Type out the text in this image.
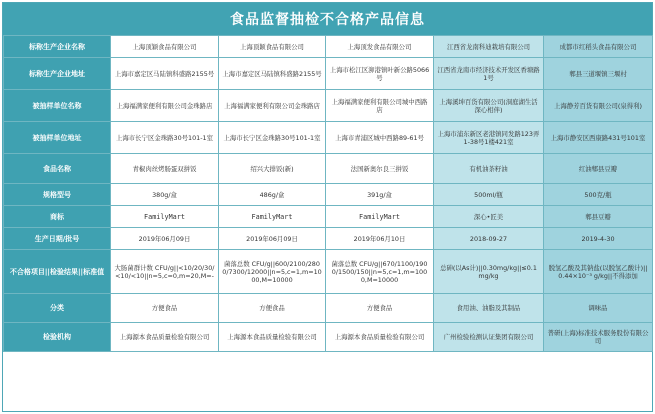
食品监督抽检不合格产品信息
标称生产企业名称	上海顶颖食品有限公司	上海顶颖食品有限公司	上海顶发食品有限公司	江西省龙南科迪栽培有限公司	成都市红稻头食品有限公司
标称生产企业地址	上海市嘉定区马陆镇科盛路2155号	上海市嘉定区马陆镇科盛路2155号	上海市松江区泖港镇叶新公路5066号	江西省龙南市经济技术开发区香塘路1号	郫县三道堰镇三堰村
被抽样单位名称	上海福满家便利有限公司金珠路店	上海福满家便利有限公司金珠路店	上海福满家便利有限公司城中西路店	上海溪坤百货有限公司(洞庭湖生活 深心相伴)	上海静芳百货有限公司(泉得利)
被抽样单位地址	上海市长宁区金珠路30号101-1室	上海市长宁区金珠路30号101-1室	上海市青浦区城中西路89-61号	上海市浦东新区老港镇同发路123弄1-38号1楼421室	上海市静安区西康路431号101室
食品名称	青椒肉丝烤肠蛋双拼饭	绍兴大排饭(新)	法国新奥尔良三拼饭	有机油茶籽油	红油郫县豆瓣
规格型号	380g/盒	486g/盒	391g/盒	500ml/瓶	500克/瓶
商标	FamilyMart	FamilyMart	FamilyMart	深心•匠美	郫县豆瓣
生产日期/批号	2019年06月09日	2019年06月09日	2019年06月10日	2018-09-27	2019-4-30
不合格项目||检验结果||标准值	大肠菌群计数 CFU/g||<10/20/30/<10/<10||n=5,c=0,m=20,M=-	菌落总数 CFU/g||600/2100/2800/7300/12000||n=5,c=1,m=1000,M=10000	菌落总数 CFU/g||670/1100/1900/1500/150||n=5,c=1,m=1000,M=10000	总砷(以As计)||0.30mg/kg||≤0.1mg/kg	脱氢乙酸及其钠盐(以脱氢乙酸计)||0.44×10⁻³ g/kg||不得添加
分类	方便食品	方便食品	方便食品	食用油、油脂及其制品	调味品
检验机构	上海源本食品质量检验有限公司	上海源本食品质量检验有限公司	上海源本食品质量检验有限公司	广州检验检测认证集团有限公司	普研(上海)标准技术服务股份有限公司
